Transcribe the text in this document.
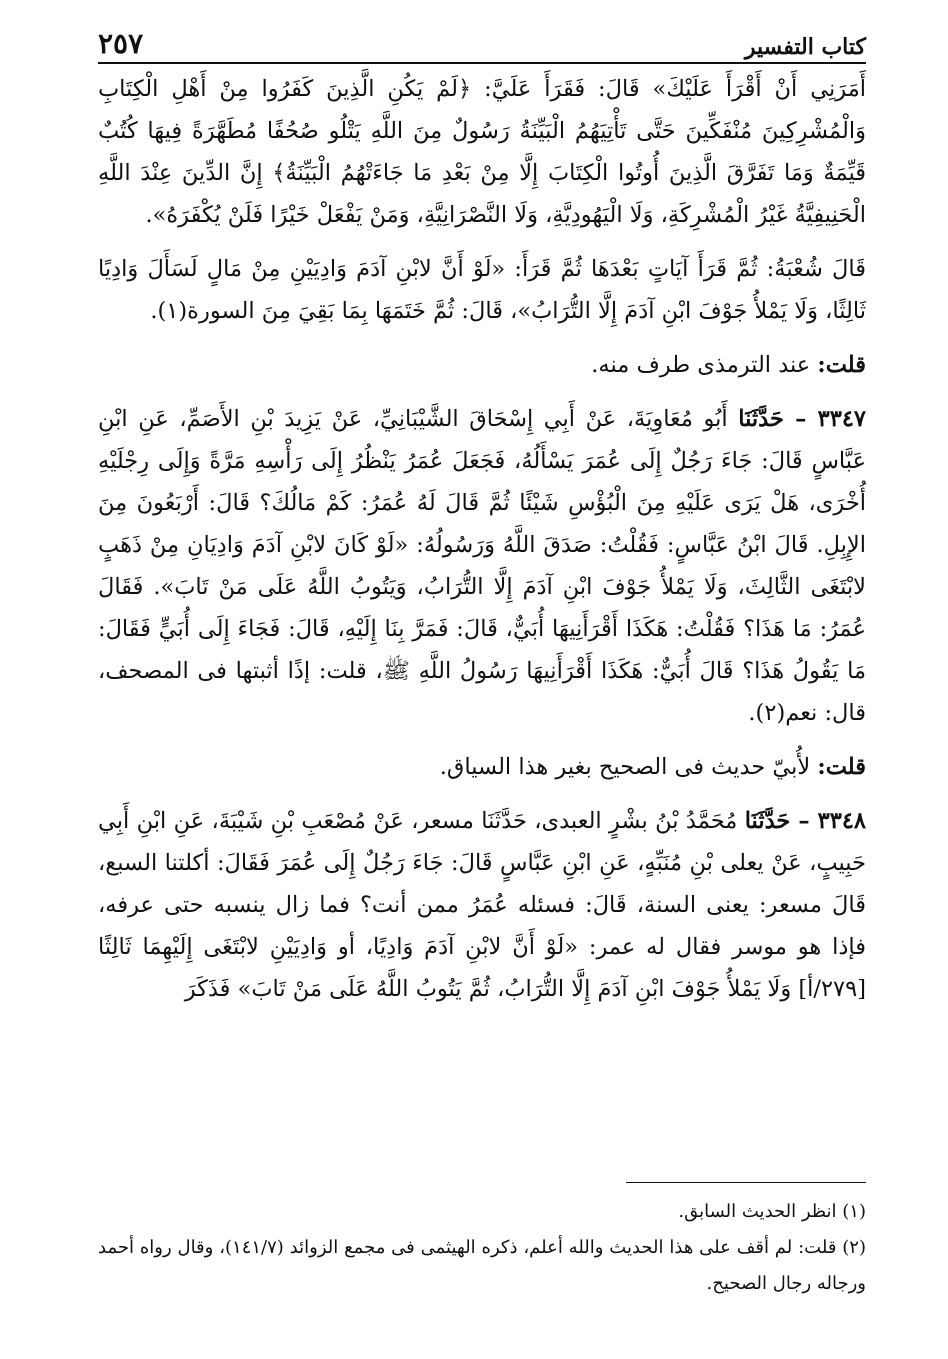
كتاب التفسير
٢٥٧

أَمَرَنِي أَنْ أَقْرَأَ عَلَيْكَ» قَالَ: فَقَرَأَ عَلَيَّ: ﴿لَمْ يَكُنِ الَّذِينَ كَفَرُوا مِنْ أَهْلِ الْكِتَابِ وَالْمُشْرِكِينَ مُنْفَكِّينَ حَتَّى تَأْتِيَهُمُ الْبَيِّنَةُ رَسُولٌ مِنَ اللَّهِ يَتْلُو صُحُفًا مُطَهَّرَةً فِيهَا كُتُبٌ قَيِّمَةٌ وَمَا تَفَرَّقَ الَّذِينَ أُوتُوا الْكِتَابَ إِلَّا مِنْ بَعْدِ مَا جَاءَتْهُمُ الْبَيِّنَةُ﴾ إِنَّ الدِّينَ عِنْدَ اللَّهِ الْحَنِيفِيَّةُ غَيْرُ الْمُشْرِكَةِ، وَلَا الْيَهُودِيَّةِ، وَلَا النَّصْرَانِيَّةِ، وَمَنْ يَفْعَلْ خَيْرًا فَلَنْ يُكْفَرَهُ».

قَالَ شُعْبَةُ: ثُمَّ قَرَأَ آيَاتٍ بَعْدَهَا ثُمَّ قَرَأَ: «لَوْ أَنَّ لابْنِ آدَمَ وَادِيَيْنِ مِنْ مَالٍ لَسَأَلَ وَادِيًا ثَالِثًا، وَلَا يَمْلأُ جَوْفَ ابْنِ آدَمَ إِلَّا التُّرَابُ»، قَالَ: ثُمَّ خَتَمَهَا بِمَا بَقِيَ مِنَ السورة(١).

قلت: عند الترمذى طرف منه.

٣٣٤٧ – حَدَّثَنَا أَبُو مُعَاوِيَةَ، عَنْ أَبِي إِسْحَاقَ الشَّيْبَانِيِّ، عَنْ يَزِيدَ بْنِ الأَصَمِّ، عَنِ ابْنِ عَبَّاسٍ قَالَ: جَاءَ رَجُلٌ إِلَى عُمَرَ يَسْأَلُهُ، فَجَعَلَ عُمَرُ يَنْظُرُ إِلَى رَأْسِهِ مَرَّةً وَإِلَى رِجْلَيْهِ أُخْرَى، هَلْ يَرَى عَلَيْهِ مِنَ الْبُؤْسِ شَيْئًا ثُمَّ قَالَ لَهُ عُمَرُ: كَمْ مَالُكَ؟ قَالَ: أَرْبَعُونَ مِنَ الإِبِلِ. قَالَ ابْنُ عَبَّاسٍ: فَقُلْتُ: صَدَقَ اللَّهُ وَرَسُولُهُ: «لَوْ كَانَ لابْنِ آدَمَ وَادِيَانِ مِنْ ذَهَبٍ لابْتَغَى الثَّالِثَ، وَلَا يَمْلأُ جَوْفَ ابْنِ آدَمَ إِلَّا التُّرَابُ، وَيَتُوبُ اللَّهُ عَلَى مَنْ تَابَ». فَقَالَ عُمَرُ: مَا هَذَا؟ فَقُلْتُ: هَكَذَا أَقْرَأَنِيهَا أُبَيٌّ، قَالَ: فَمَرَّ بِنَا إِلَيْهِ، قَالَ: فَجَاءَ إِلَى أُبَيٍّ فَقَالَ: مَا يَقُولُ هَذَا؟ قَالَ أُبَيٌّ: هَكَذَا أَقْرَأَنِيهَا رَسُولُ اللَّهِ ﷺ، قلت: إذًا أثبتها فى المصحف، قال: نعم(٢).

قلت: لأُبيّ حديث فى الصحيح بغير هذا السياق.

٣٣٤٨ – حَدَّثَنَا مُحَمَّدُ بْنُ بشْرٍ العبدى، حَدَّثَنَا مسعر، عَنْ مُصْعَبِ بْنِ شَيْبَةَ، عَنِ ابْنِ أَبِي حَبِيبٍ، عَنْ يعلى بْنِ مُنَبِّهٍ، عَنِ ابْنِ عَبَّاسٍ قَالَ: جَاءَ رَجُلٌ إِلَى عُمَرَ فَقَالَ: أكلتنا السبع، قَالَ مسعر: يعنى السنة، قَالَ: فسئله عُمَرُ ممن أنت؟ فما زال ينسبه حتى عرفه، فإذا هو موسر فقال له عمر: «لَوْ أَنَّ لابْنِ آدَمَ وَادِيًا، أو وَادِيَيْنِ لابْتَغَى إِلَيْهِمَا ثَالِثًا [٢٧٩/أ] وَلَا يَمْلأُ جَوْفَ ابْنِ آدَمَ إِلَّا التُّرَابُ، ثُمَّ يَتُوبُ اللَّهُ عَلَى مَنْ تَابَ» فَذَكَرَ

(١) انظر الحديث السابق.

(٢) قلت: لم أقف على هذا الحديث والله أعلم، ذكره الهيثمى فى مجمع الزوائد (١٤١/٧)، وقال رواه أحمد ورجاله رجال الصحيح.
